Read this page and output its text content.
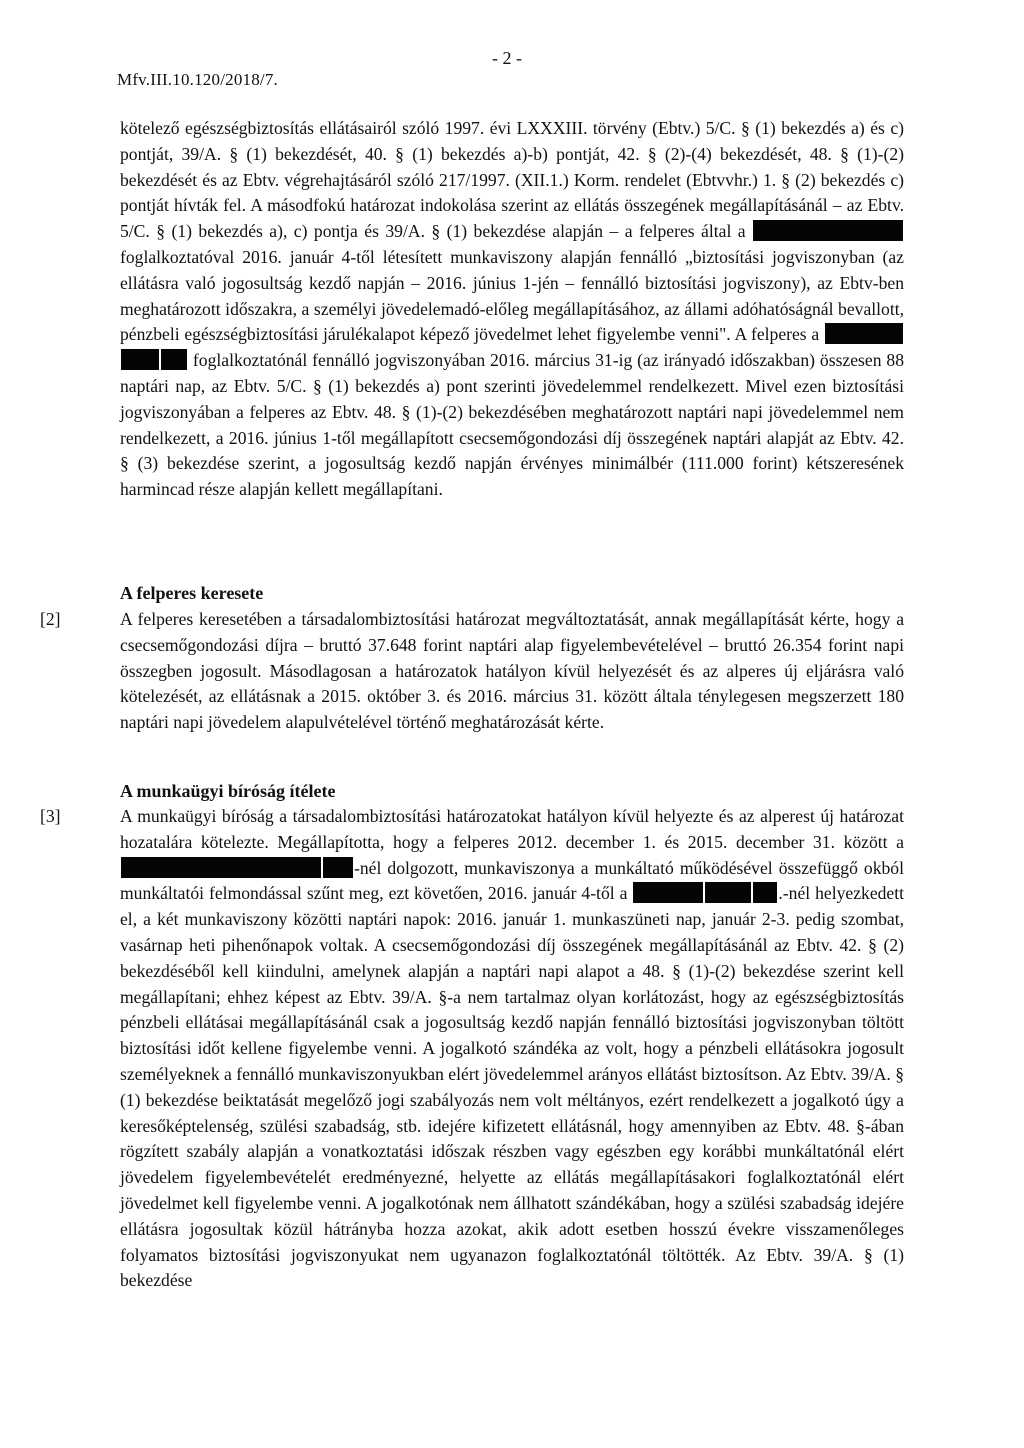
- 2 -
Mfv.III.10.120/2018/7.
kötelező egészségbiztosítás ellátásairól szóló 1997. évi LXXXIII. törvény (Ebtv.) 5/C. § (1) bekezdés a) és c) pontját, 39/A. § (1) bekezdését, 40. § (1) bekezdés a)-b) pontját, 42. § (2)-(4) bekezdését, 48. § (1)-(2) bekezdését és az Ebtv. végrehajtásáról szóló 217/1997. (XII.1.) Korm. rendelet (Ebtvvhr.) 1. § (2) bekezdés c) pontját hívták fel. A másodfokú határozat indokolása szerint az ellátás összegének megállapításánál – az Ebtv. 5/C. § (1) bekezdés a), c) pontja és 39/A. § (1) bekezdése alapján – a felperes által a foglalkoztatóval 2016. január 4-től létesített munkaviszony alapján fennálló „biztosítási jogviszonyban (az ellátásra való jogosultság kezdő napján – 2016. június 1-jén – fennálló biztosítási jogviszony), az Ebtv-ben meghatározott időszakra, a személyi jövedelemadó-előleg megállapításához, az állami adóhatóságnál bevallott, pénzbeli egészségbiztosítási járulékalapot képező jövedelmet lehet figyelembe venni". A felperes a  foglalkoztatónál fennálló jogviszonyában 2016. március 31-ig (az irányadó időszakban) összesen 88 naptári nap, az Ebtv. 5/C. § (1) bekezdés a) pont szerinti jövedelemmel rendelkezett. Mivel ezen biztosítási jogviszonyában a felperes az Ebtv. 48. § (1)-(2) bekezdésében meghatározott naptári napi jövedelemmel nem rendelkezett, a 2016. június 1-től megállapított csecsemőgondozási díj összegének naptári alapját az Ebtv. 42. § (3) bekezdése szerint, a jogosultság kezdő napján érvényes minimálbér (111.000 forint) kétszeresének harmincad része alapján kellett megállapítani.
A felperes keresete
[2]	A felperes keresetében a társadalombiztosítási határozat megváltoztatását, annak megállapítását kérte, hogy a csecsemőgondozási díjra – bruttó 37.648 forint naptári alap figyelembevételével – bruttó 26.354 forint napi összegben jogosult. Másodlagosan a határozatok hatályon kívül helyezését és az alperes új eljárásra való kötelezését, az ellátásnak a 2015. október 3. és 2016. március 31. között általa ténylegesen megszerzett 180 naptári napi jövedelem alapulvételével történő meghatározását kérte.
A munkaügyi bíróság ítélete
[3]	A munkaügyi bíróság a társadalombiztosítási határozatokat hatályon kívül helyezte és az alperest új határozat hozatalára kötelezte. Megállapította, hogy a felperes 2012. december 1. és 2015. december 31. között a -nél dolgozott, munkaviszonya a munkáltató működésével összefüggő okból munkáltatói felmondással szűnt meg, ezt követően, 2016. január 4-től a	.-nél helyezkedett el, a két munkaviszony közötti naptári napok: 2016. január 1. munkaszüneti nap, január 2-3. pedig szombat, vasárnap heti pihenőnapok voltak. A csecsemőgondozási díj összegének megállapításánál az Ebtv. 42. § (2) bekezdéséből kell kiindulni, amelynek alapján a naptári napi alapot a 48. § (1)-(2) bekezdése szerint kell megállapítani; ehhez képest az Ebtv. 39/A. §-a nem tartalmaz olyan korlátozást, hogy az egészségbiztosítás pénzbeli ellátásai megállapításánál csak a jogosultság kezdő napján fennálló biztosítási jogviszonyban töltött biztosítási időt kellene figyelembe venni. A jogalkotó szándéka az volt, hogy a pénzbeli ellátásokra jogosult személyeknek a fennálló munkaviszonyukban elért jövedelemmel arányos ellátást biztosítson. Az Ebtv. 39/A. § (1) bekezdése beiktatását megelőző jogi szabályozás nem volt méltányos, ezért rendelkezett a jogalkotó úgy a keresőképtelenség, szülési szabadság, stb. idejére kifizetett ellátásnál, hogy amennyiben az Ebtv. 48. §-ában rögzített szabály alapján a vonatkoztatási időszak részben vagy egészben egy korábbi munkáltatónál elért jövedelem figyelembevételét eredményezné, helyette az ellátás megállapításakori foglalkoztatónál elért jövedelmet kell figyelembe venni. A jogalkotónak nem állhatott szándékában, hogy a szülési szabadság idejére ellátásra jogosultak közül hátrányba hozza azokat, akik adott esetben hosszú évekre visszamenőleges folyamatos biztosítási jogviszonyukat nem ugyanazon foglalkoztatónál töltötték. Az Ebtv. 39/A. § (1) bekezdése
